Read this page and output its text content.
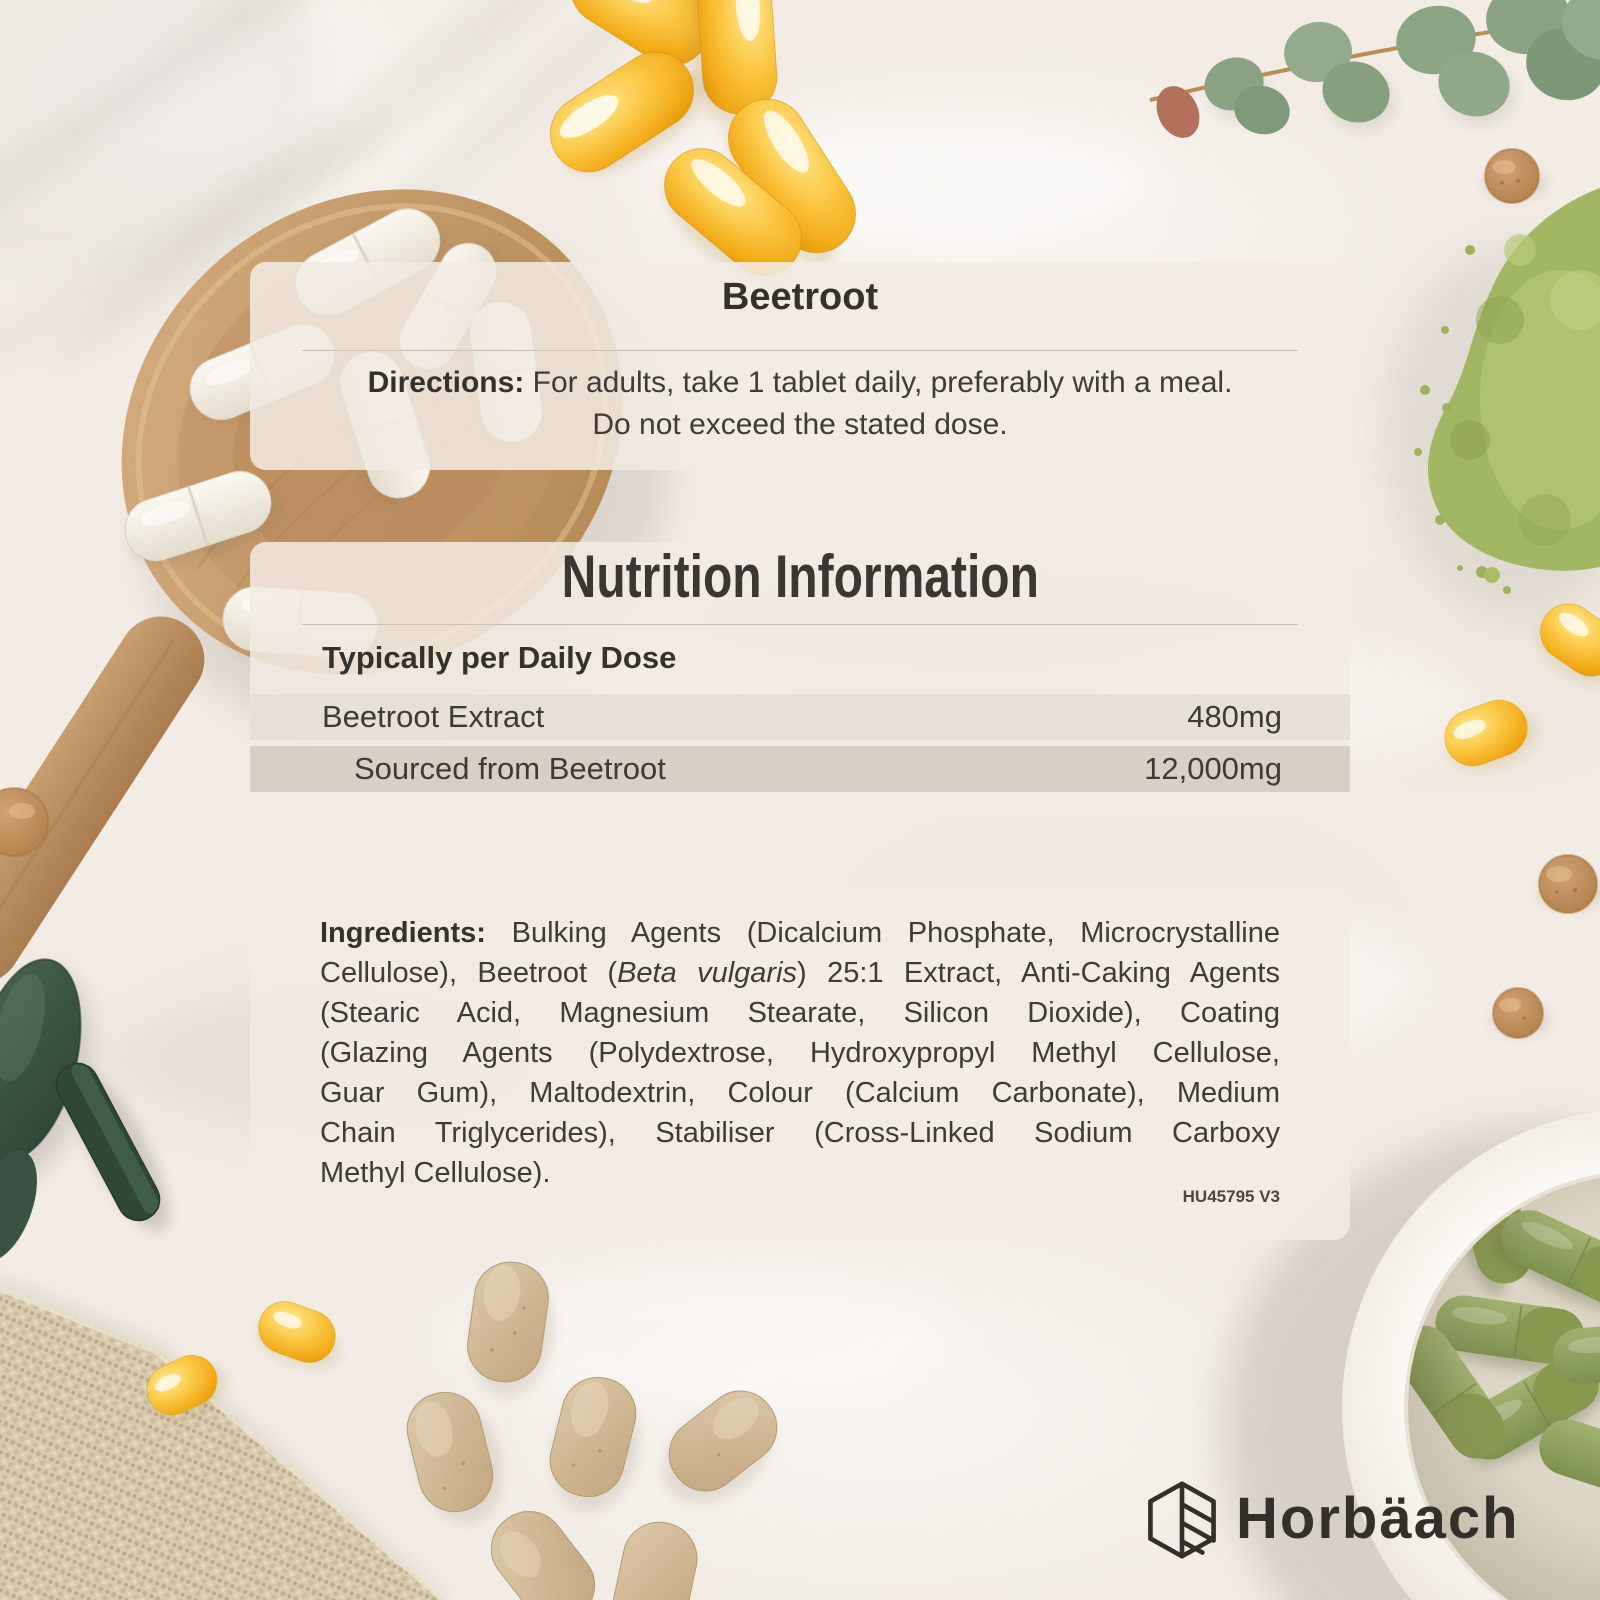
Beetroot
Directions: For adults, take 1 tablet daily, preferably with a meal.
Do not exceed the stated dose.
Nutrition Information
Typically per Daily Dose
Beetroot Extract	480mg
Sourced from Beetroot	12,000mg
Ingredients: Bulking Agents (Dicalcium Phosphate, Microcrystalline
Cellulose), Beetroot (Beta vulgaris) 25:1 Extract, Anti-Caking Agents
(Stearic Acid, Magnesium Stearate, Silicon Dioxide), Coating
(Glazing Agents (Polydextrose, Hydroxypropyl Methyl Cellulose,
Guar Gum), Maltodextrin, Colour (Calcium Carbonate), Medium
Chain Triglycerides), Stabiliser (Cross-Linked Sodium Carboxy
Methyl Cellulose).
HU45795 V3
Horbäach
